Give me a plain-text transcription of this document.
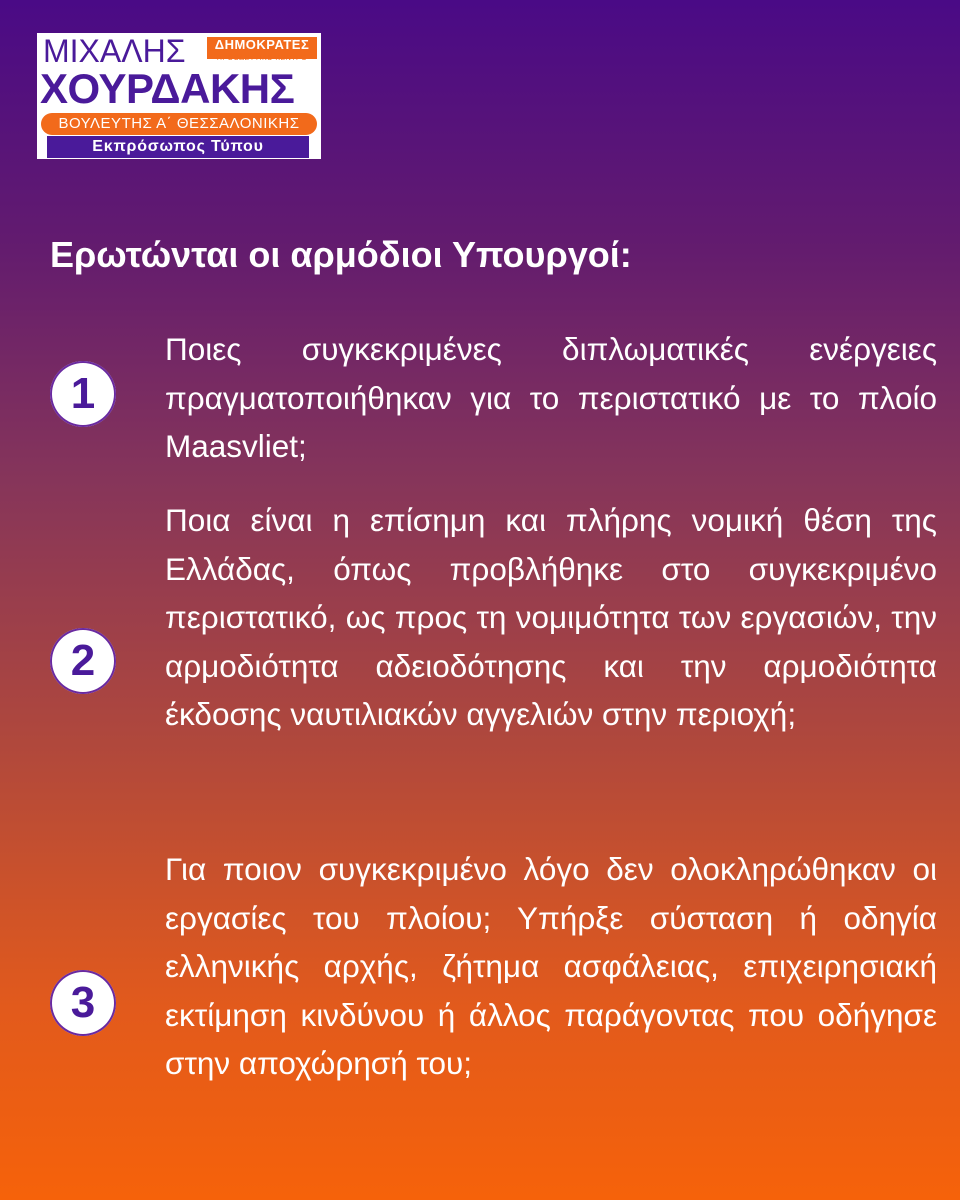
ΜΙΧΑΛΗΣ	ΔΗΜΟΚΡΑΤΕΣ
ΠΡΟΟΔΕΥΤΙΚΟ ΚΕΝΤΡΟ
ΧΟΥΡΔΑΚΗΣ
ΒΟΥΛΕΥΤΗΣ Α΄ ΘΕΣΣΑΛΟΝΙΚΗΣ
Εκπρόσωπος Τύπου
Ερωτώνται οι αρμόδιοι Υπουργοί:
1

Ποιες συγκεκριμένες διπλωματικές ενέργειες πραγματοποιήθηκαν για το περιστατικό με το πλοίο Maasvliet;

2

Ποια είναι η επίσημη και πλήρης νομική θέση της Ελλάδας, όπως προβλήθηκε στο συγκεκριμένο περιστατικό, ως προς τη νομιμότητα των εργασιών, την αρμοδιότητα αδειοδότησης και την αρμοδιότητα έκδοσης ναυτιλιακών αγγελιών στην περιοχή;

3

Για ποιον συγκεκριμένο λόγο δεν ολοκληρώθηκαν οι εργασίες του πλοίου; Υπήρξε σύσταση ή οδηγία ελληνικής αρχής, ζήτημα ασφάλειας, επιχειρησιακή εκτίμηση κινδύνου ή άλλος παράγοντας που οδήγησε στην αποχώρησή του;
